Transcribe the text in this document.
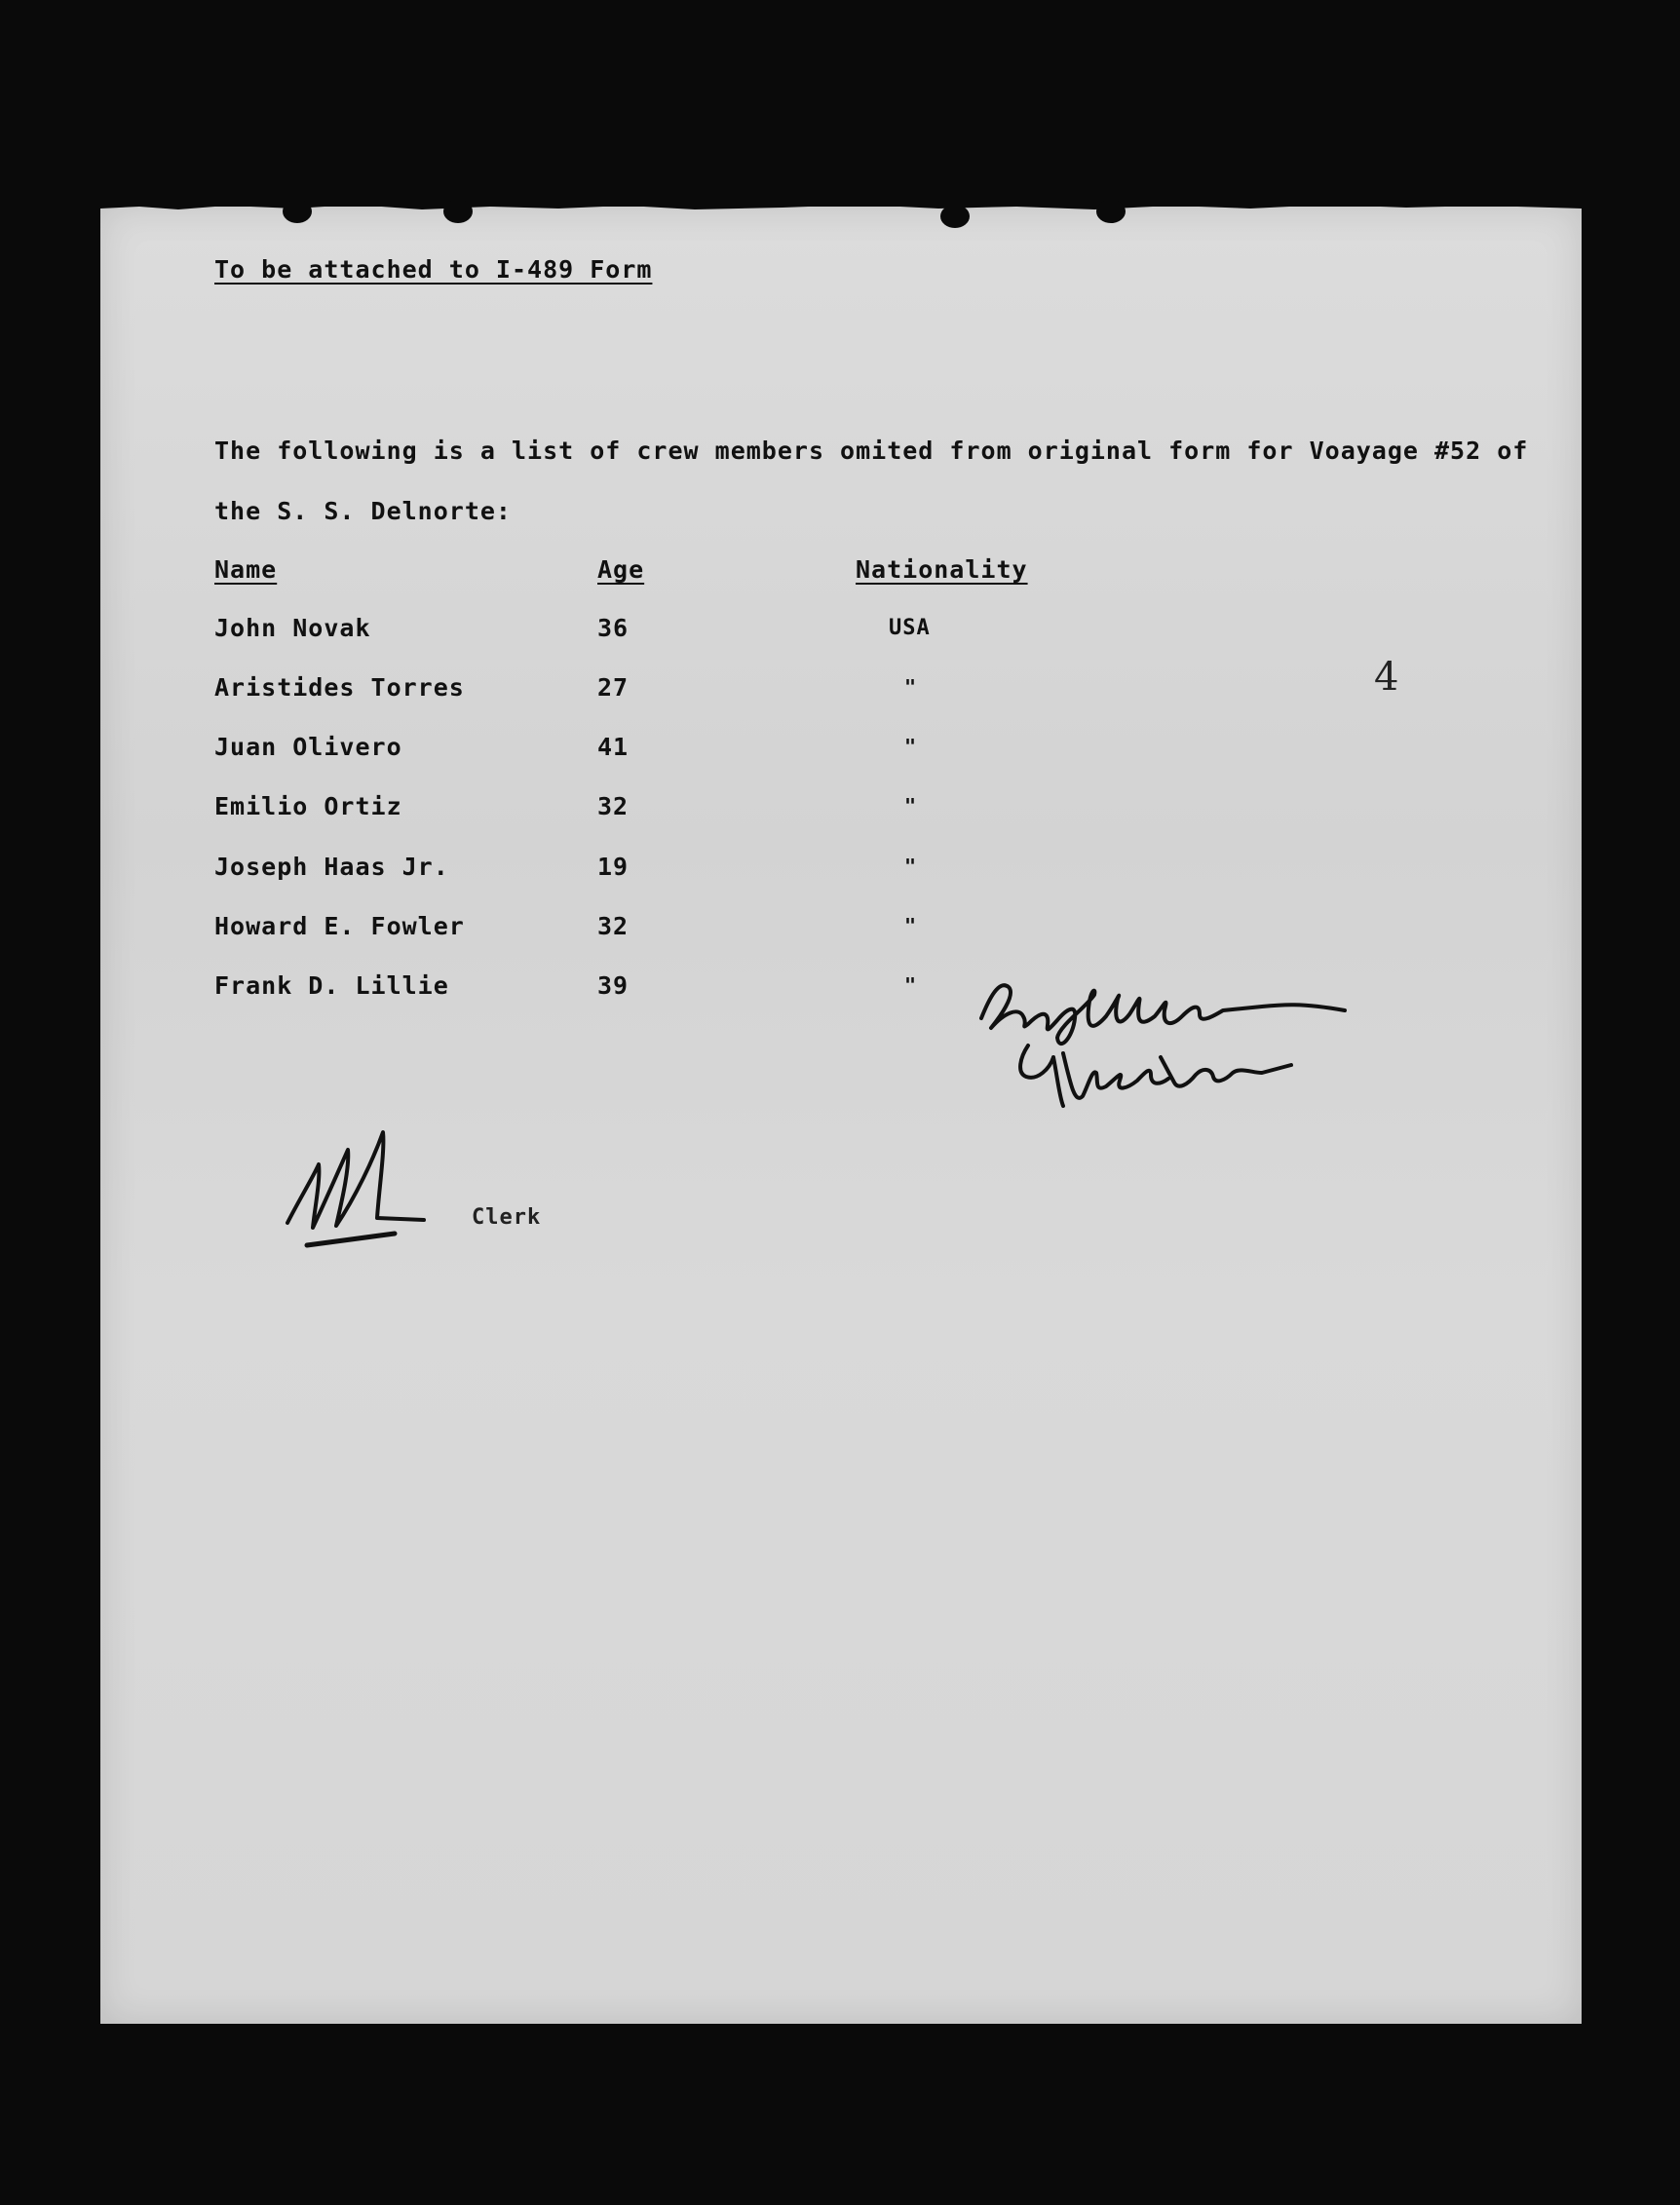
To be attached to I-489 Form
The following is a list of crew members omited from original form for Voayage #52 of
the S. S. Delnorte:
Name	Age	Nationality
John Novak	36	USA
Aristides Torres	27	"
Juan Olivero	41	"
Emilio Ortiz	32	"
Joseph Haas Jr.	19	"
Howard E. Fowler	32	"
Frank D. Lillie	39	"
4
Clerk
